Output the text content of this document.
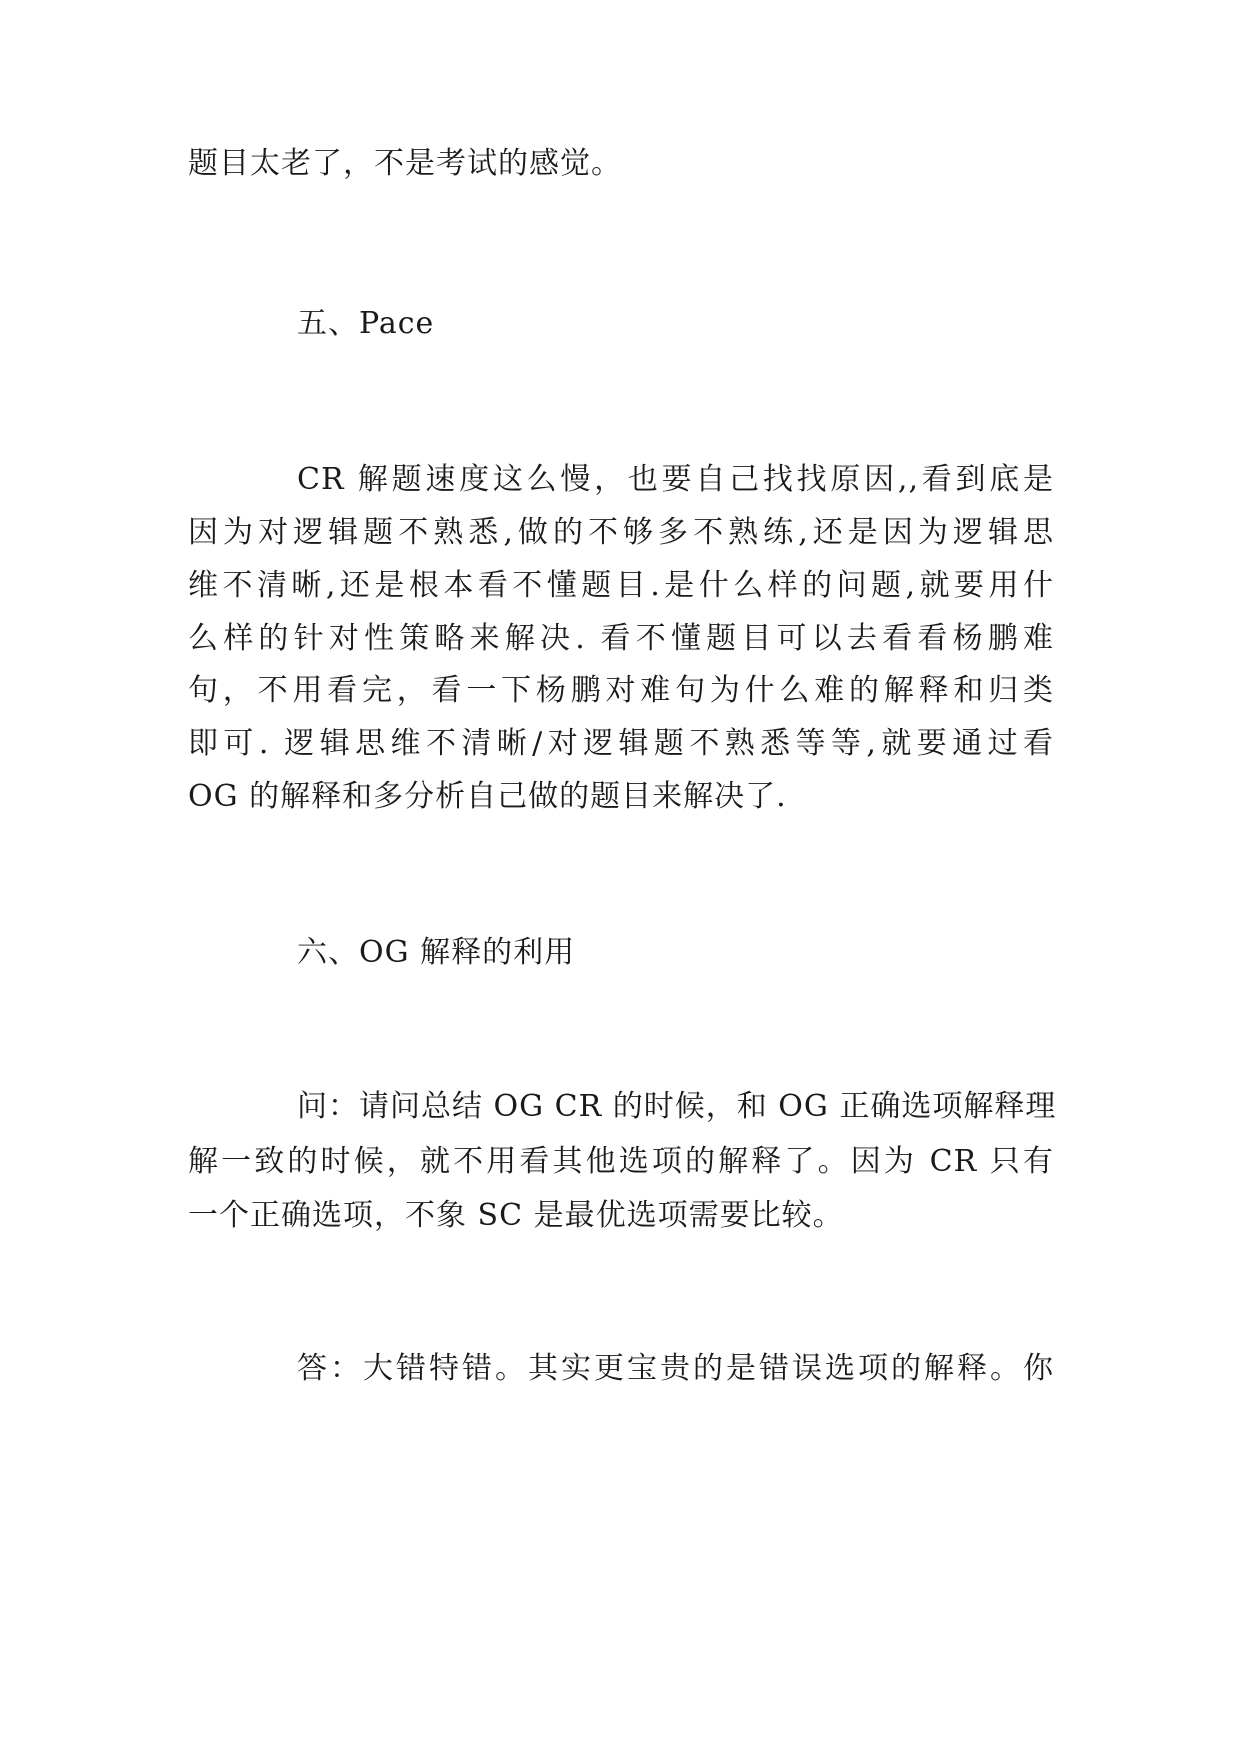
题目太老了，不是考试的感觉。
五、Pace
CR 解题速度这么慢，也要自己找找原因,,看到底是
因为对逻辑题不熟悉,做的不够多不熟练,还是因为逻辑思
维不清晰,还是根本看不懂题目.是什么样的问题,就要用什
么样的针对性策略来解决. 看不懂题目可以去看看杨鹏难
句，不用看完，看一下杨鹏对难句为什么难的解释和归类
即可. 逻辑思维不清晰/对逻辑题不熟悉等等,就要通过看
OG 的解释和多分析自己做的题目来解决了.
六、OG 解释的利用
问：请问总结 OG CR 的时候，和 OG 正确选项解释理
解一致的时候，就不用看其他选项的解释了。因为 CR 只有
一个正确选项，不象 SC 是最优选项需要比较。
答：大错特错。其实更宝贵的是错误选项的解释。你
